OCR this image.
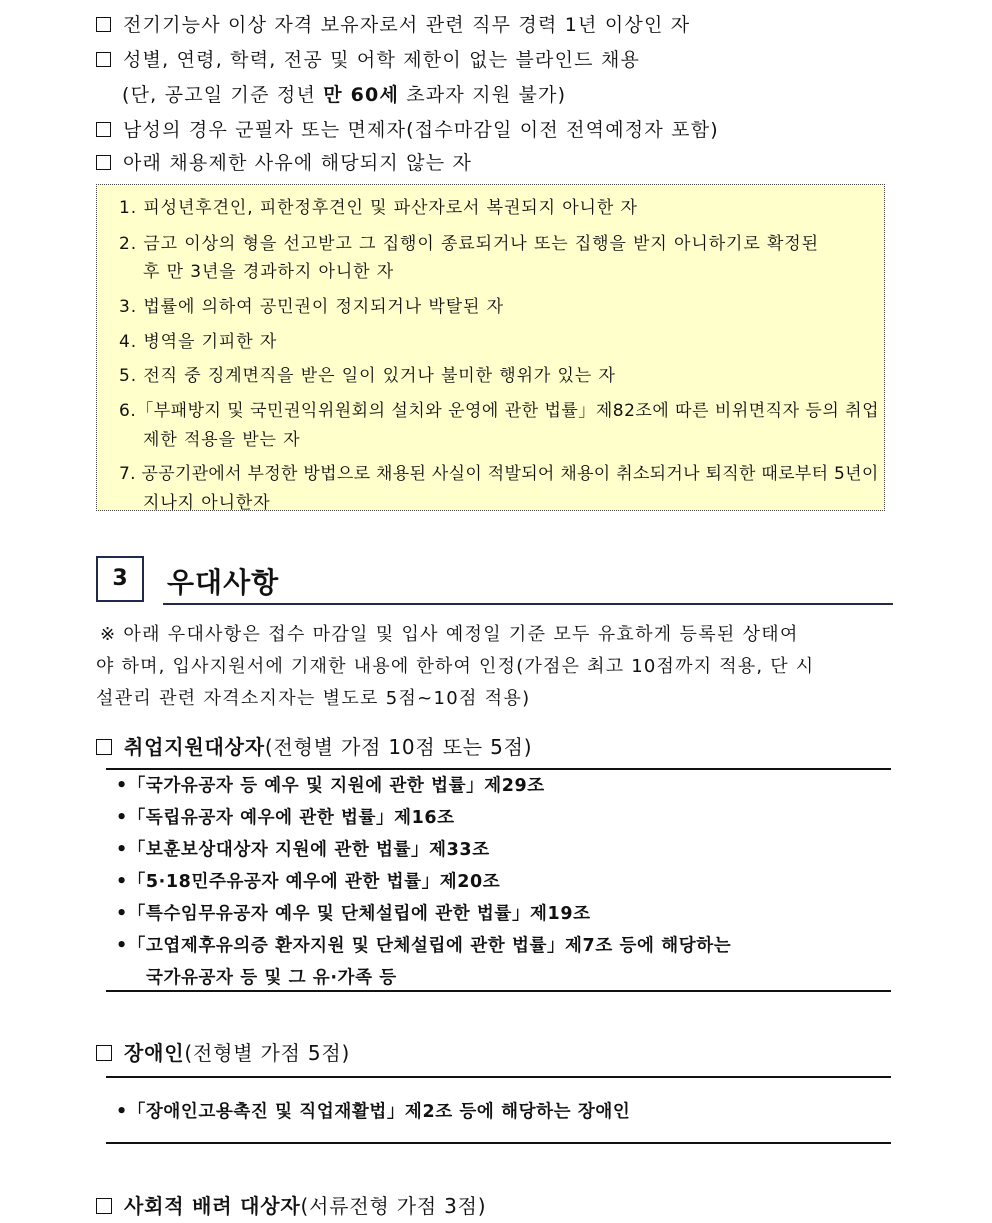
전기기능사 이상 자격 보유자로서 관련 직무 경력 1년 이상인 자
성별, 연령, 학력, 전공 및 어학 제한이 없는 블라인드 채용
(단, 공고일 기준 정년 만 60세 초과자 지원 불가)
남성의 경우 군필자 또는 면제자(접수마감일 이전 전역예정자 포함)
아래 채용제한 사유에 해당되지 않는 자
1. 피성년후견인, 피한정후견인 및 파산자로서 복권되지 아니한 자
2. 금고 이상의 형을 선고받고 그 집행이 종료되거나 또는 집행을 받지 아니하기로 확정된
후 만 3년을 경과하지 아니한 자
3. 법률에 의하여 공민권이 정지되거나 박탈된 자
4. 병역을 기피한 자
5. 전직 중 징계면직을 받은 일이 있거나 불미한 행위가 있는 자
6.「부패방지 및 국민권익위원회의 설치와 운영에 관한 법률」제82조에 따른 비위면직자 등의 취업
제한 적용을 받는 자
7. 공공기관에서 부정한 방법으로 채용된 사실이 적발되어 채용이 취소되거나 퇴직한 때로부터 5년이
지나지 아니한자
3	우대사항
※ 아래 우대사항은 접수 마감일 및 입사 예정일 기준 모두 유효하게 등록된 상태여
야 하며, 입사지원서에 기재한 내용에 한하여 인정(가점은 최고 10점까지 적용, 단 시
설관리 관련 자격소지자는 별도로 5점~10점 적용)
취업지원대상자(전형별 가점 10점 또는 5점)
•「국가유공자 등 예우 및 지원에 관한 법률」제29조
•「독립유공자 예우에 관한 법률」제16조
•「보훈보상대상자 지원에 관한 법률」제33조
•「5·18민주유공자 예우에 관한 법률」제20조
•「특수임무유공자 예우 및 단체설립에 관한 법률」제19조
•「고엽제후유의증 환자지원 및 단체설립에 관한 법률」제7조 등에 해당하는
국가유공자 등 및 그 유·가족 등
장애인(전형별 가점 5점)
•「장애인고용촉진 및 직업재활법」제2조 등에 해당하는 장애인
사회적 배려 대상자(서류전형 가점 3점)
